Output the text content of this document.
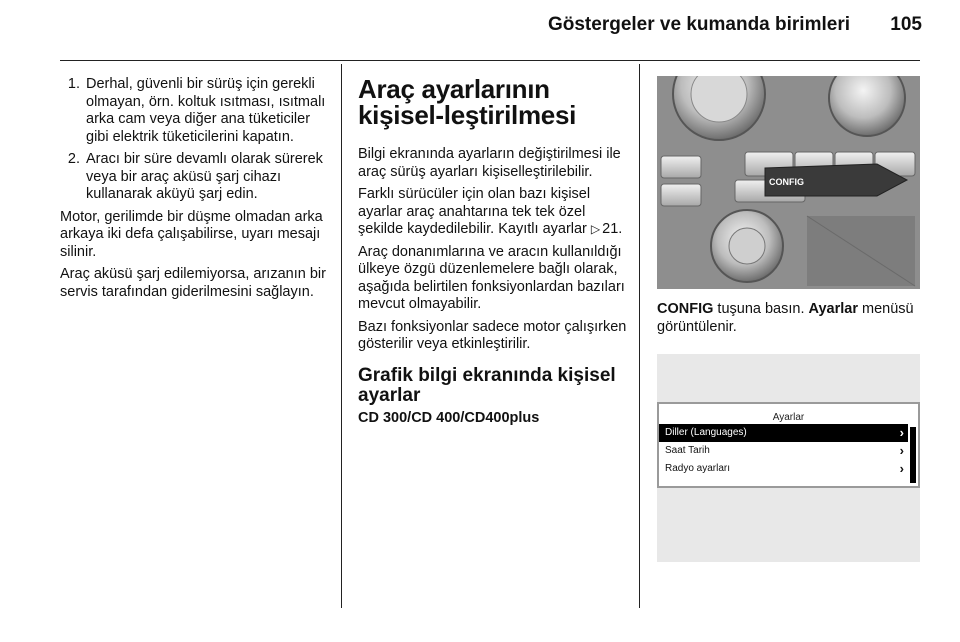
Göstergeler ve kumanda birimleri	105
1. Derhal, güvenli bir sürüş için gerekli olmayan, örn. koltuk ısıtması, ısıtmalı arka cam veya diğer ana tüketiciler gibi elektrik tüketicilerini kapatın.
2. Aracı bir süre devamlı olarak sürerek veya bir araç aküsü şarj cihazı kullanarak aküyü şarj edin.

Motor, gerilimde bir düşme olmadan arka arkaya iki defa çalışabilirse, uyarı mesajı silinir.

Araç aküsü şarj edilemiyorsa, arızanın bir servis tarafından giderilmesini sağlayın.

Araç ayarlarının kişisel-leştirilmesi

Bilgi ekranında ayarların değiştirilmesi ile araç sürüş ayarları kişiselleştirilebilir.

Farklı sürücüler için olan bazı kişisel ayarlar araç anahtarına tek tek özel şekilde kaydedilebilir. Kayıtlı ayarlar ▷ 21.

Araç donanımlarına ve aracın kullanıldığı ülkeye özgü düzenlemelere bağlı olarak, aşağıda belirtilen fonksiyonlardan bazıları mevcut olmayabilir.

Bazı fonksiyonlar sadece motor çalışırken gösterilir veya etkinleştirilir.

Grafik bilgi ekranında kişisel ayarlar
CD 300/CD 400/CD400plus
CONFIG

CONFIG tuşuna basın. Ayarlar menüsü görüntülenir.

Ayarlar
Diller (Languages)	›
Saat Tarih	›
Radyo ayarları	›
